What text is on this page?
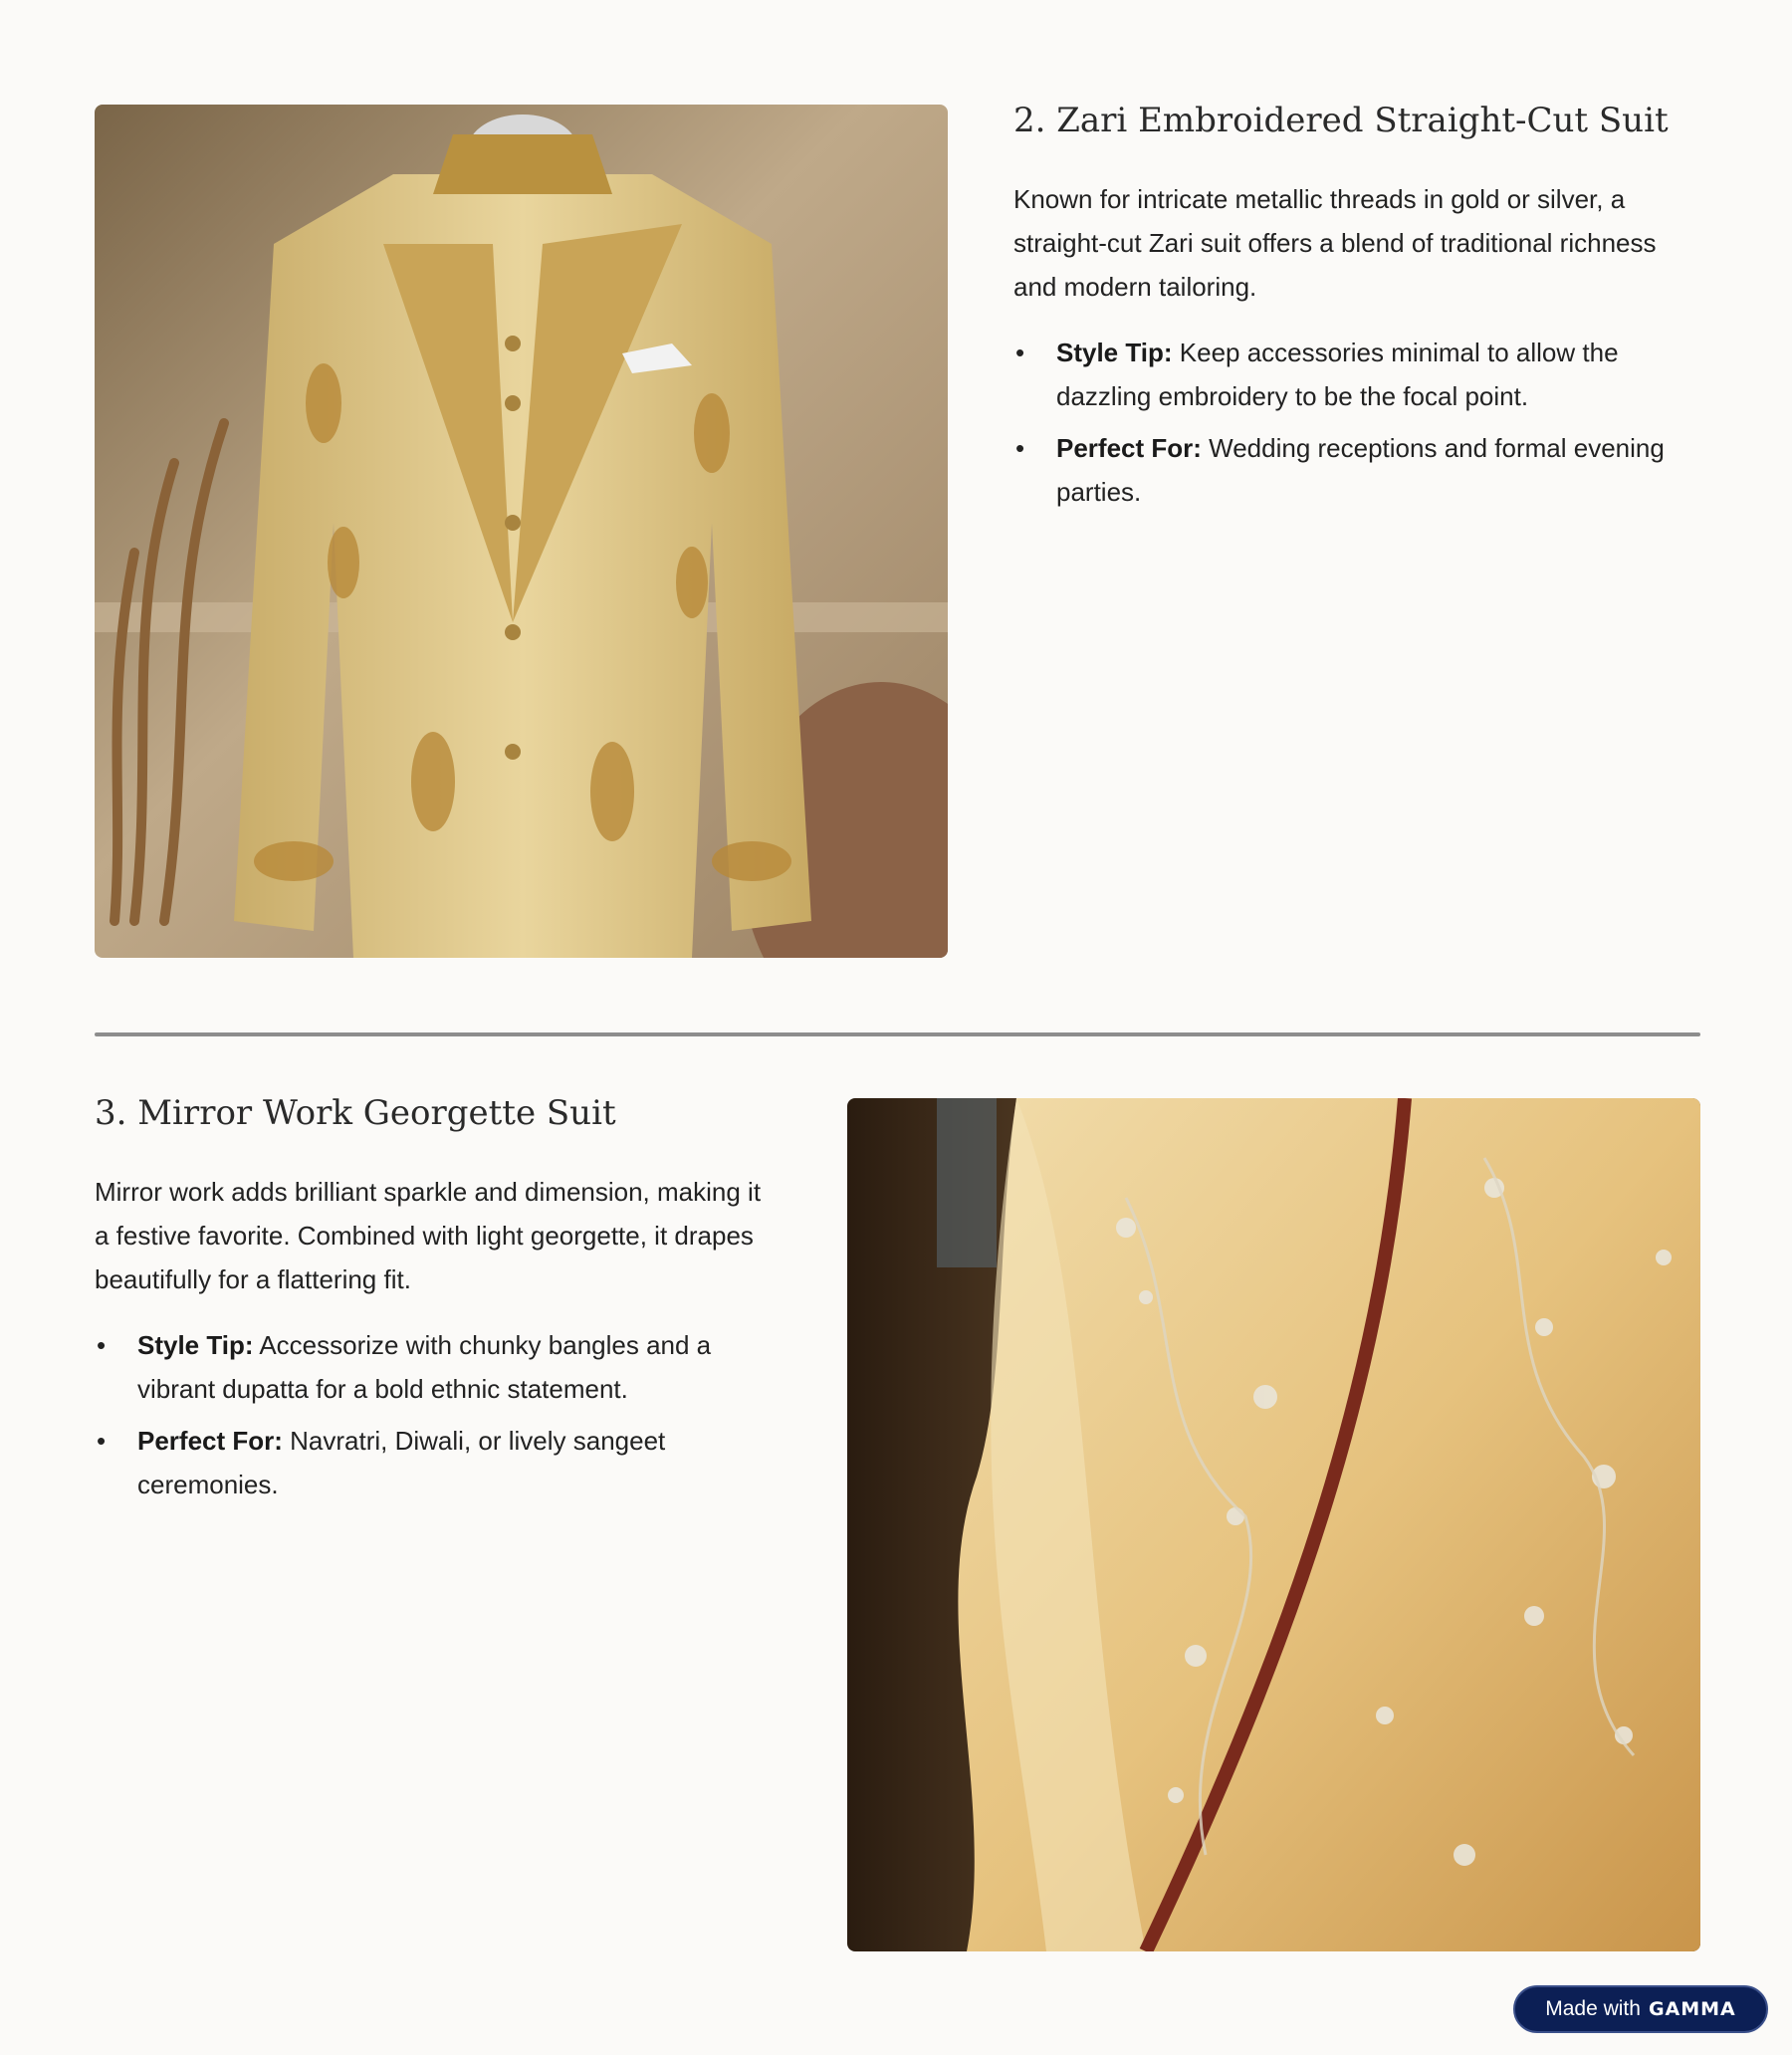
2. Zari Embroidered Straight-Cut Suit

Known for intricate metallic threads in gold or silver, a straight-cut Zari suit offers a blend of traditional richness and modern tailoring.

• Style Tip: Keep accessories minimal to allow the dazzling embroidery to be the focal point.
• Perfect For: Wedding receptions and formal evening parties.
3. Mirror Work Georgette Suit

Mirror work adds brilliant sparkle and dimension, making it a festive favorite. Combined with light georgette, it drapes beautifully for a flattering fit.

• Style Tip: Accessorize with chunky bangles and a vibrant dupatta for a bold ethnic statement.
• Perfect For: Navratri, Diwali, or lively sangeet ceremonies.
Made with GAMMA
